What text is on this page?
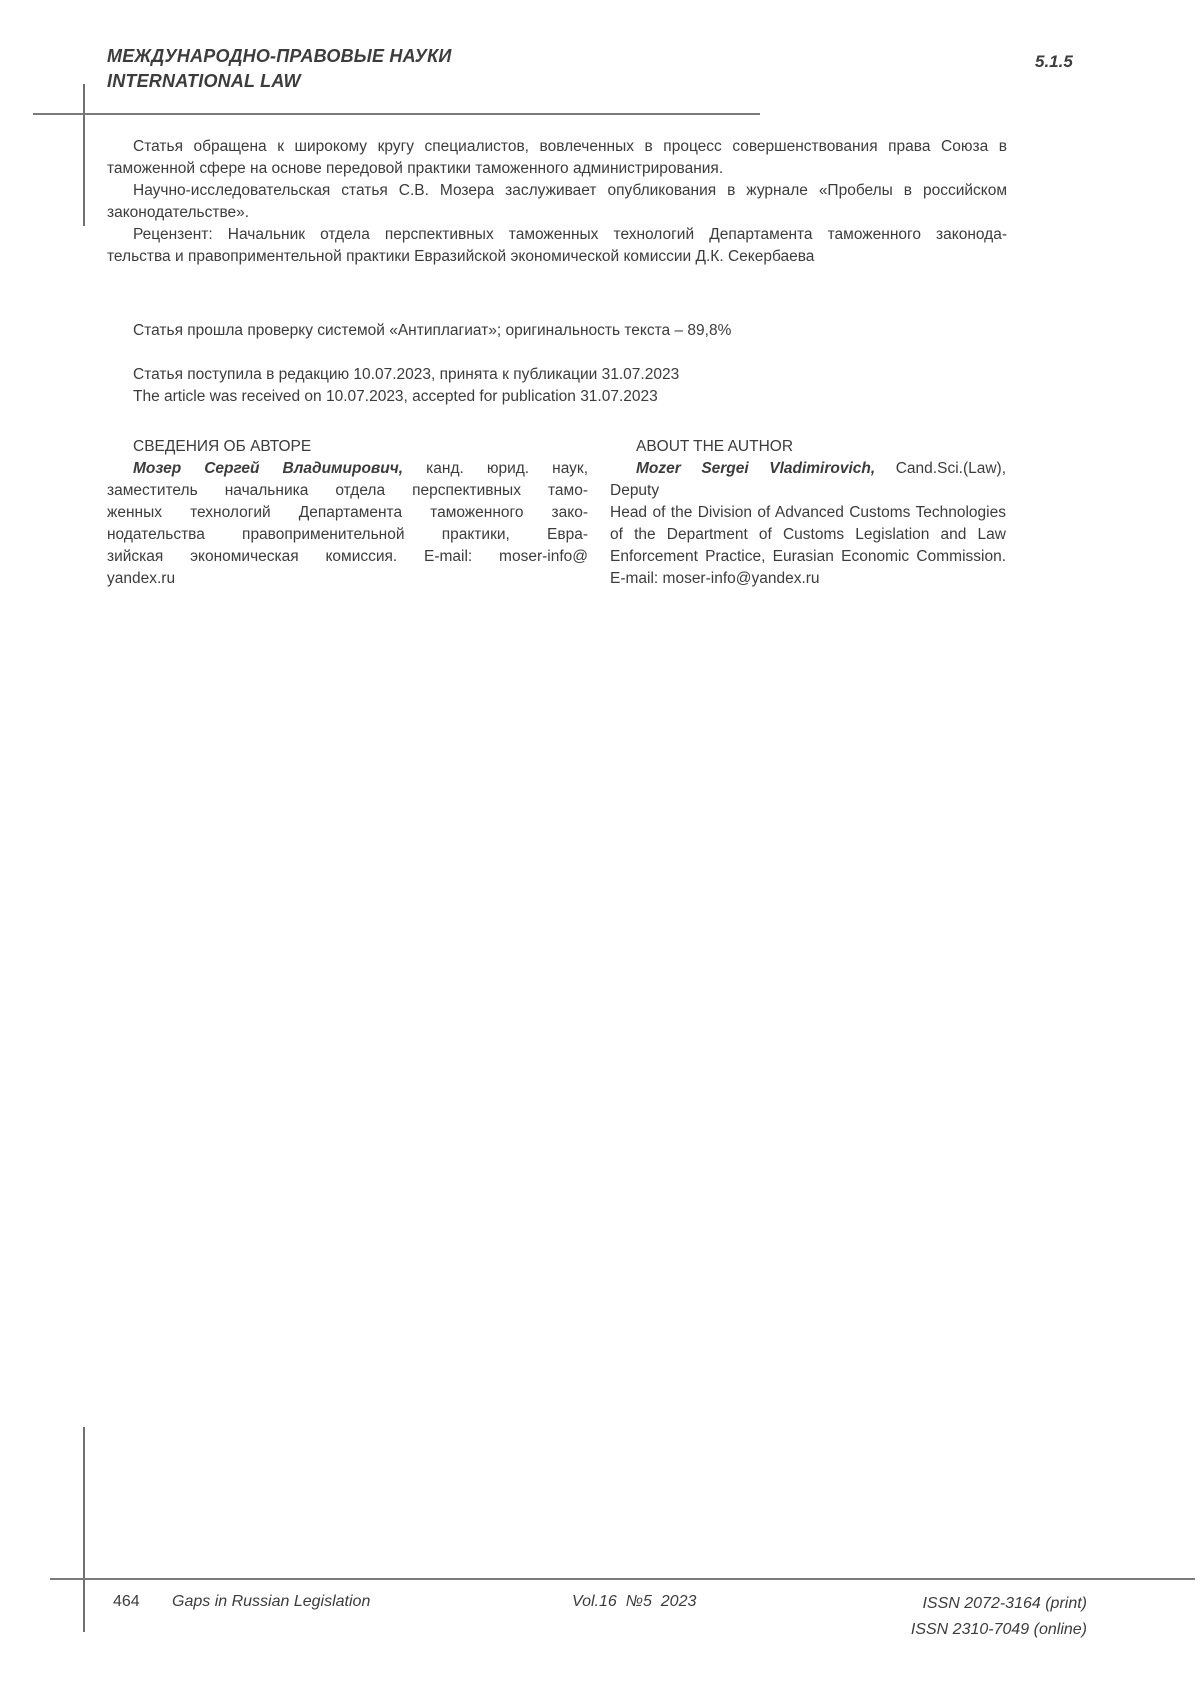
МЕЖДУНАРОДНО-ПРАВОВЫЕ НАУКИ
INTERNATIONAL LAW
5.1.5
Статья обращена к широкому кругу специалистов, вовлеченных в процесс совершенствования права Союза в
таможенной сфере на основе передовой практики таможенного администрирования.
Научно-исследовательская статья С.В. Мозера заслуживает опубликования в журнале «Пробелы в российском
законодательстве».
Рецензент: Начальник отдела перспективных таможенных технологий Департамента таможенного законода-
тельства и правоприментельной практики Евразийской экономической комиссии Д.К. Секербаева
Статья прошла проверку системой «Антиплагиат»; оригинальность текста – 89,8%
Статья поступила в редакцию 10.07.2023, принята к публикации 31.07.2023
The article was received on 10.07.2023, accepted for publication 31.07.2023
СВЕДЕНИЯ ОБ АВТОРЕ
Мозер Сергей Владимирович, канд. юрид. наук,
заместитель начальника отдела перспективных тамо-
женных технологий Департамента таможенного зако-
нодательства правоприменительной практики, Евра-
зийская экономическая комиссия. E-mail: moser-info@
yandex.ru
ABOUT THE AUTHOR
Mozer Sergei Vladimirovich, Cand.Sci.(Law), Deputy
Head of the Division of Advanced Customs Technologies
of the Department of Customs Legislation and Law
Enforcement Practice, Eurasian Economic Commission.
E-mail: moser-info@yandex.ru
464 Gaps in Russian Legislation	Vol.16  №5  2023	ISSN 2072-3164 (print)
ISSN 2310-7049 (online)
